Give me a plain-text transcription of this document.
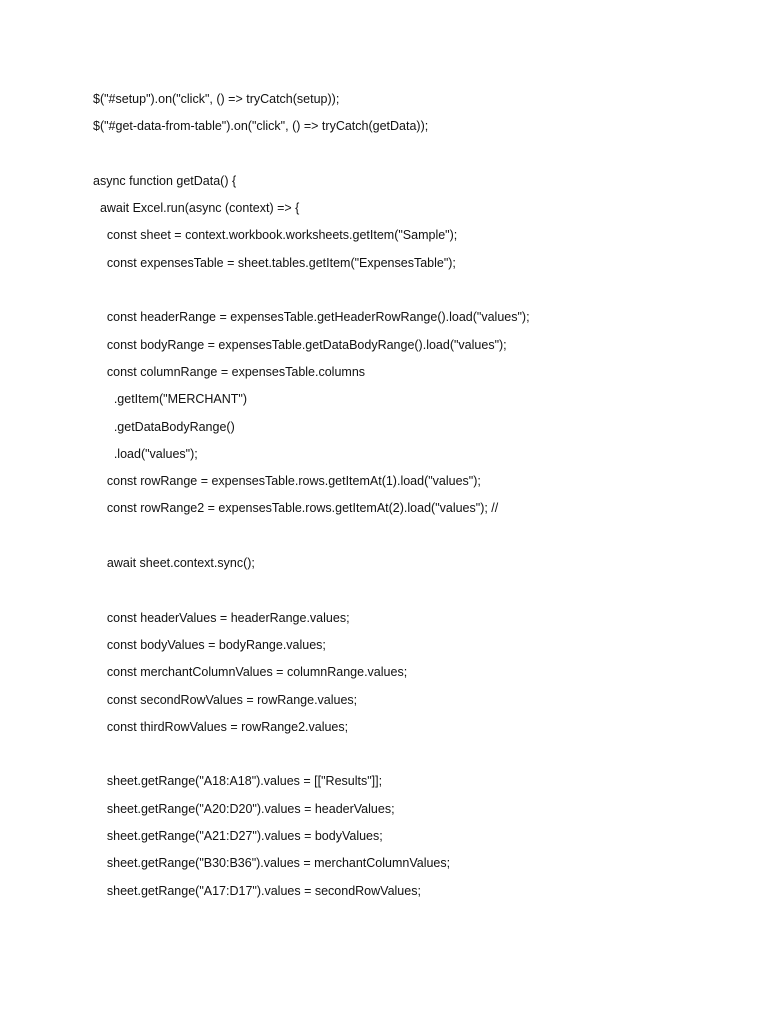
$("#setup").on("click", () => tryCatch(setup));
$("#get-data-from-table").on("click", () => tryCatch(getData));
async function getData() {
await Excel.run(async (context) => {
const sheet = context.workbook.worksheets.getItem("Sample");
const expensesTable = sheet.tables.getItem("ExpensesTable");
const headerRange = expensesTable.getHeaderRowRange().load("values");
const bodyRange = expensesTable.getDataBodyRange().load("values");
const columnRange = expensesTable.columns
.getItem("MERCHANT")
.getDataBodyRange()
.load("values");
const rowRange = expensesTable.rows.getItemAt(1).load("values");
const rowRange2 = expensesTable.rows.getItemAt(2).load("values"); //
await sheet.context.sync();
const headerValues = headerRange.values;
const bodyValues = bodyRange.values;
const merchantColumnValues = columnRange.values;
const secondRowValues = rowRange.values;
const thirdRowValues = rowRange2.values;
sheet.getRange("A18:A18").values = [["Results"]];
sheet.getRange("A20:D20").values = headerValues;
sheet.getRange("A21:D27").values = bodyValues;
sheet.getRange("B30:B36").values = merchantColumnValues;
sheet.getRange("A17:D17").values = secondRowValues;
